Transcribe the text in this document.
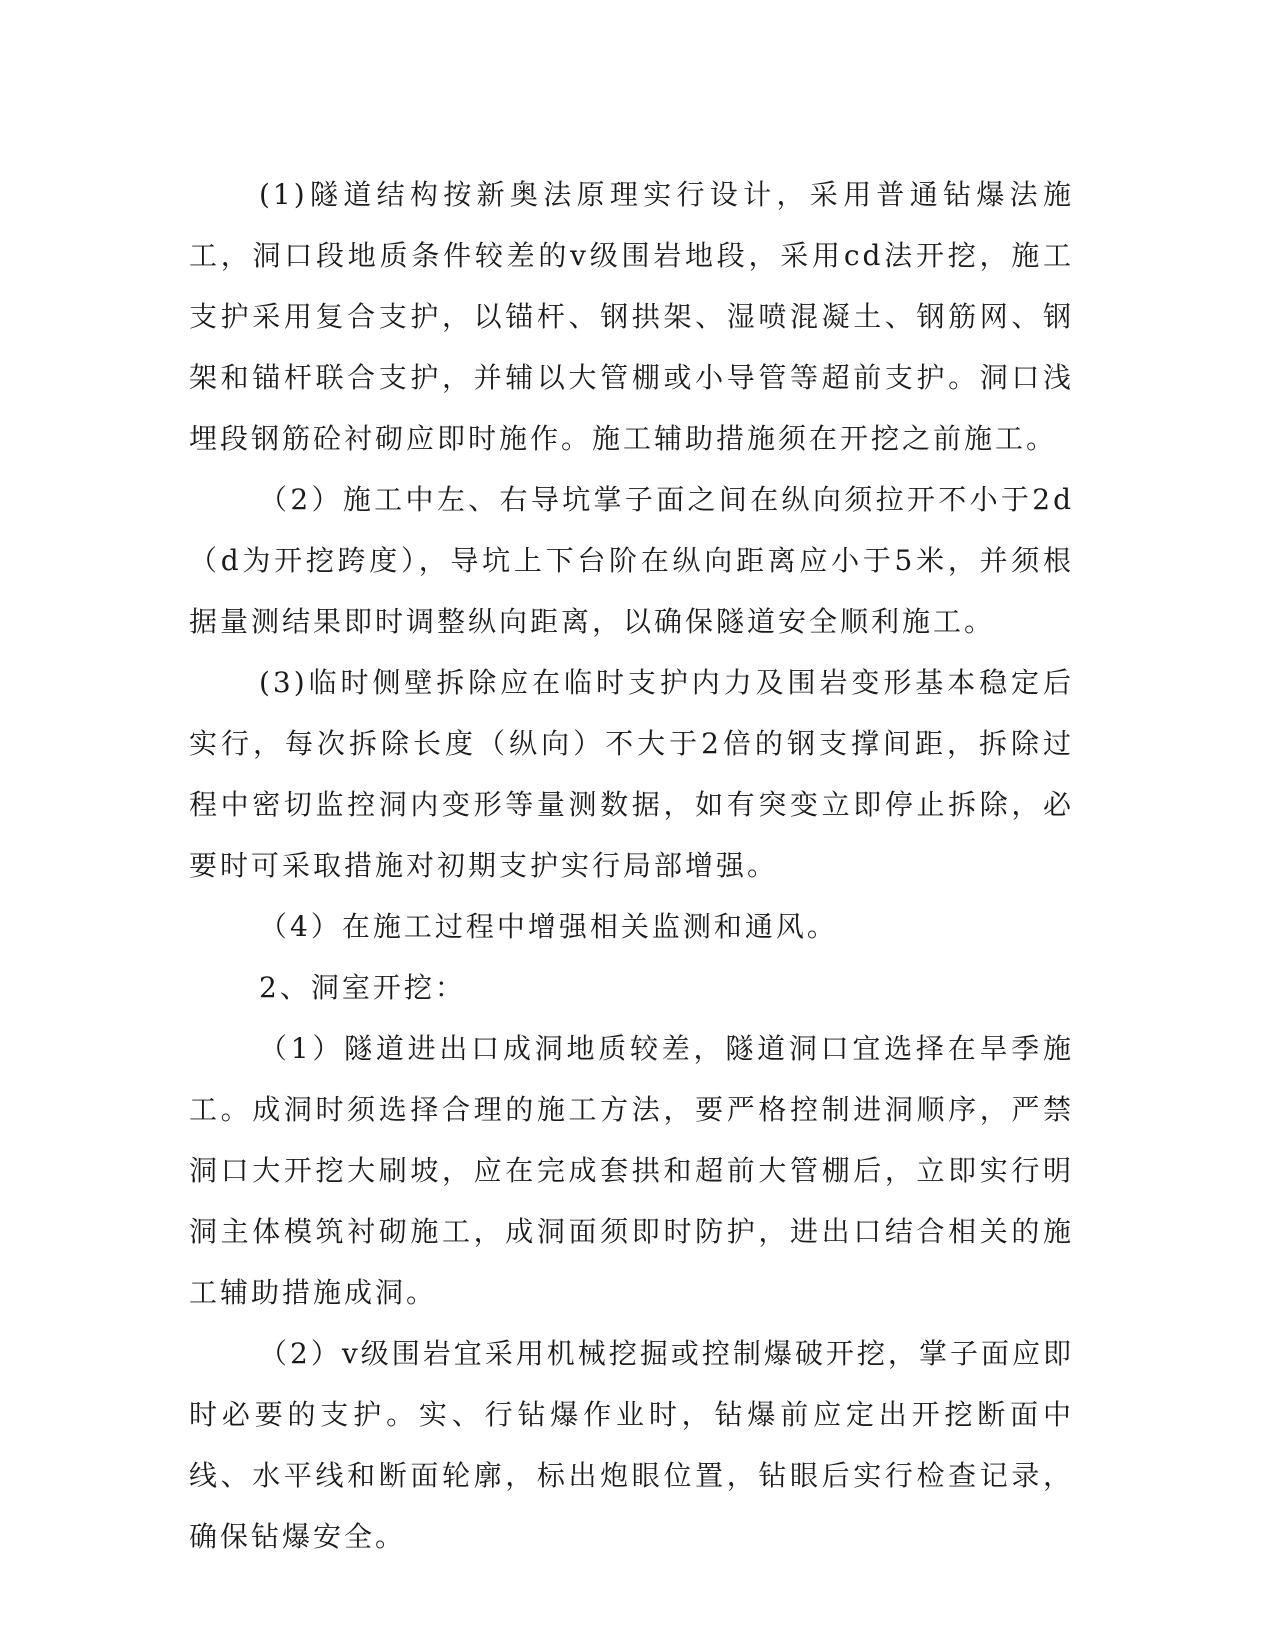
(1)隧道结构按新奥法原理实行设计，采用普通钻爆法施工，洞口段地质条件较差的v级围岩地段，采用cd法开挖，施工支护采用复合支护，以锚杆、钢拱架、湿喷混凝土、钢筋网、钢架和锚杆联合支护，并辅以大管棚或小导管等超前支护。洞口浅埋段钢筋砼衬砌应即时施作。施工辅助措施须在开挖之前施工。

（2）施工中左、右导坑掌子面之间在纵向须拉开不小于2d（d为开挖跨度），导坑上下台阶在纵向距离应小于5米，并须根据量测结果即时调整纵向距离，以确保隧道安全顺利施工。

(3)临时侧壁拆除应在临时支护内力及围岩变形基本稳定后实行，每次拆除长度（纵向）不大于2倍的钢支撑间距，拆除过程中密切监控洞内变形等量测数据，如有突变立即停止拆除，必要时可采取措施对初期支护实行局部增强。

（4）在施工过程中增强相关监测和通风。

2、洞室开挖：

（1）隧道进出口成洞地质较差，隧道洞口宜选择在旱季施工。成洞时须选择合理的施工方法，要严格控制进洞顺序，严禁洞口大开挖大刷坡，应在完成套拱和超前大管棚后，立即实行明洞主体模筑衬砌施工，成洞面须即时防护，进出口结合相关的施工辅助措施成洞。

（2）v级围岩宜采用机械挖掘或控制爆破开挖，掌子面应即时必要的支护。实、行钻爆作业时，钻爆前应定出开挖断面中线、水平线和断面轮廓，标出炮眼位置，钻眼后实行检查记录，确保钻爆安全。
